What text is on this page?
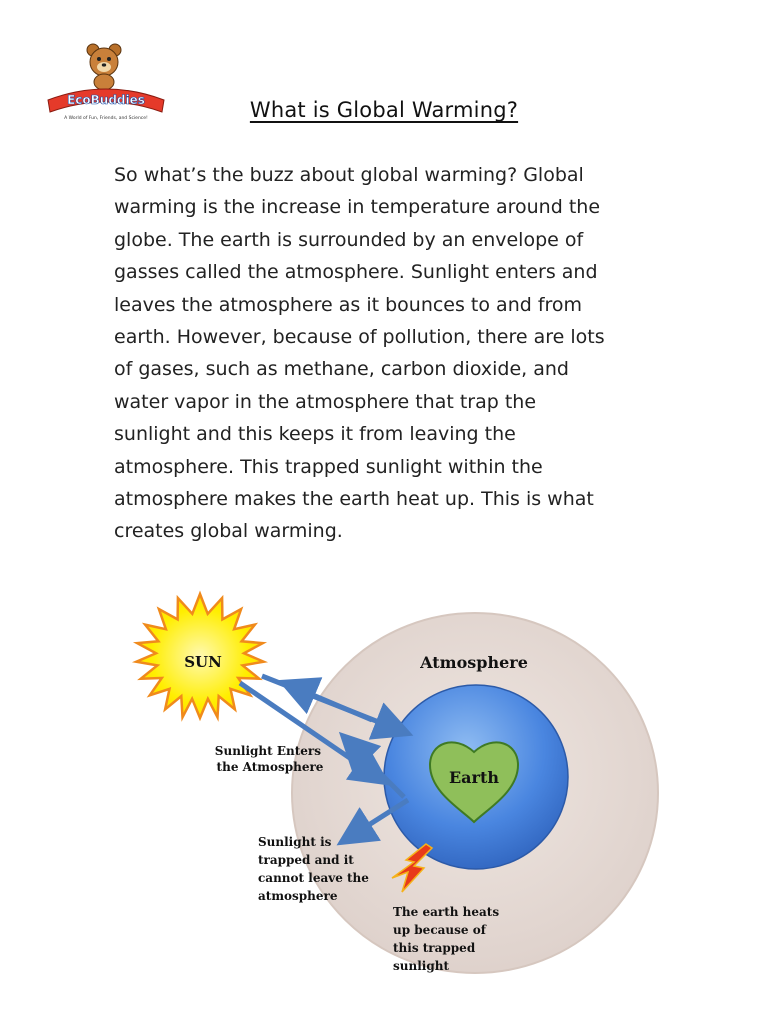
EcoBuddies
A World of Fun, Friends, and Science!	What is Global Warming?
So what’s the buzz about global warming? Global
warming is the increase in temperature around the
globe. The earth is surrounded by an envelope of
gasses called the atmosphere. Sunlight enters and
leaves the atmosphere as it bounces to and from
earth. However, because of pollution, there are lots
of gases, such as methane, carbon dioxide, and
water vapor in the atmosphere that trap the
sunlight and this keeps it from leaving the
atmosphere. This trapped sunlight within the
atmosphere makes the earth heat up. This is what
creates global warming.
Atmosphere
Earth
SUN
Sunlight Enters the Atmosphere
Sunlight is trapped and it cannot leave the atmosphere
The earth heats up because of this trapped sunlight
